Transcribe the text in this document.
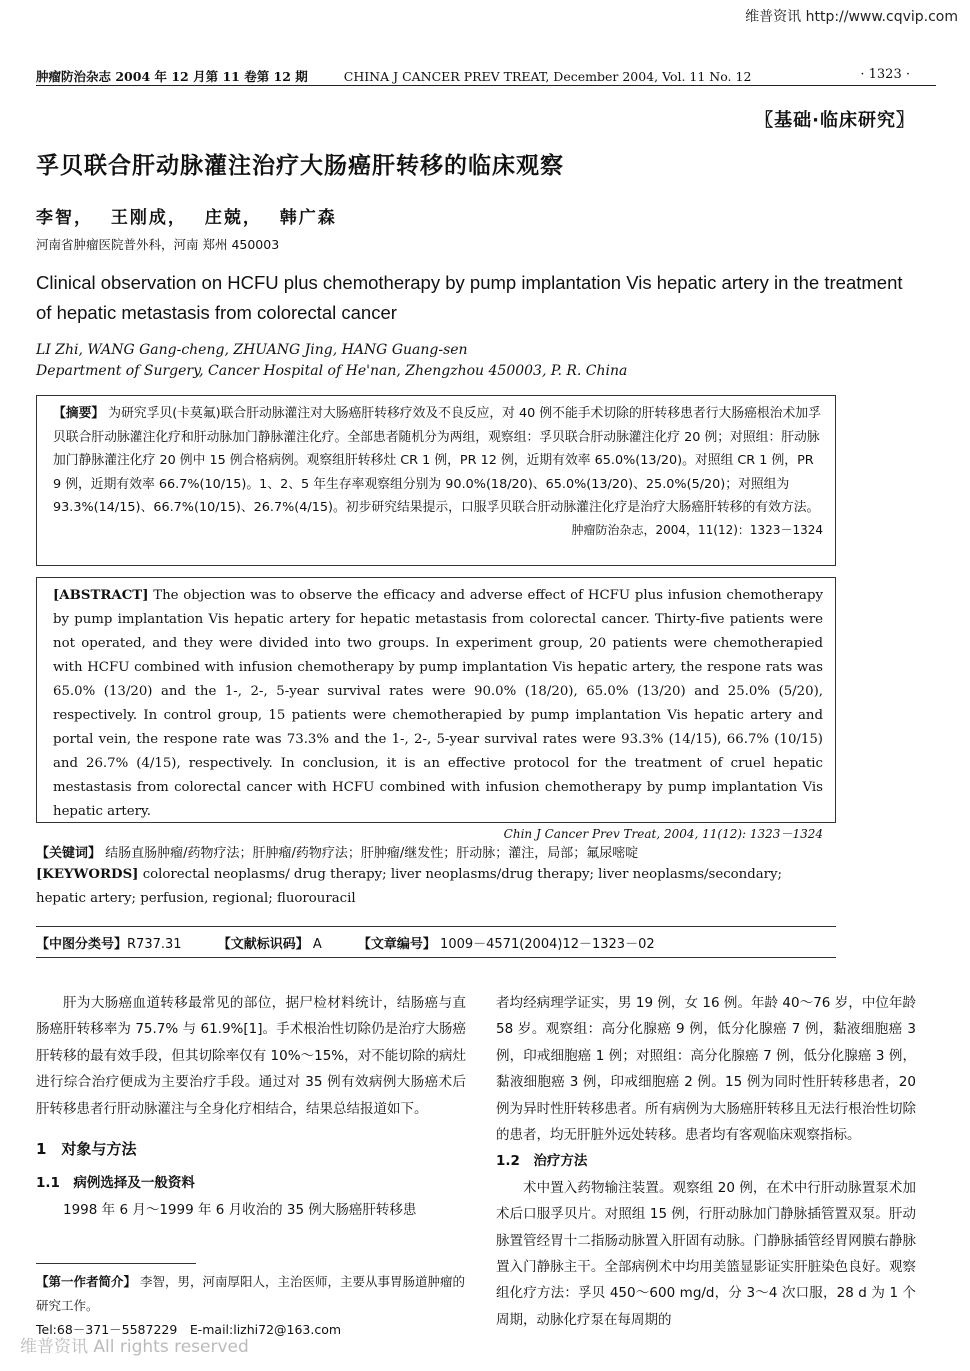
维普资讯 http://www.cqvip.com
肿瘤防治杂志 2004 年 12 月第 11 卷第 12 期	CHINA J CANCER PREV TREAT, December 2004, Vol. 11 No. 12	· 1323 ·
〖基础·临床研究〗
孚贝联合肝动脉灌注治疗大肠癌肝转移的临床观察
李智， 王刚成， 庄兢， 韩广森
河南省肿瘤医院普外科，河南 郑州 450003
Clinical observation on HCFU plus chemotherapy by pump implantation Vis hepatic artery in the treatment of hepatic metastasis from colorectal cancer
LI Zhi, WANG Gang-cheng, ZHUANG Jing, HANG Guang-sen
Department of Surgery, Cancer Hospital of He'nan, Zhengzhou 450003, P. R. China
【摘要】 为研究孚贝(卡莫氟)联合肝动脉灌注对大肠癌肝转移疗效及不良反应，对 40 例不能手术切除的肝转移患者行大肠癌根治术加孚贝联合肝动脉灌注化疗和肝动脉加门静脉灌注化疗。全部患者随机分为两组，观察组：孚贝联合肝动脉灌注化疗 20 例；对照组：肝动脉加门静脉灌注化疗 20 例中 15 例合格病例。观察组肝转移灶 CR 1 例，PR 12 例，近期有效率 65.0%(13/20)。对照组 CR 1 例，PR 9 例，近期有效率 66.7%(10/15)。1、2、5 年生存率观察组分别为 90.0%(18/20)、65.0%(13/20)、25.0%(5/20)；对照组为 93.3%(14/15)、66.7%(10/15)、26.7%(4/15)。初步研究结果提示，口服孚贝联合肝动脉灌注化疗是治疗大肠癌肝转移的有效方法。
肿瘤防治杂志，2004，11(12)：1323－1324
[ABSTRACT] The objection was to observe the efficacy and adverse effect of HCFU plus infusion chemotherapy by pump implantation Vis hepatic artery for hepatic metastasis from colorectal cancer. Thirty-five patients were not operated, and they were divided into two groups. In experiment group, 20 patients were chemotherapied with HCFU combined with infusion chemotherapy by pump implantation Vis hepatic artery, the respone rats was 65.0% (13/20) and the 1-, 2-, 5-year survival rates were 90.0% (18/20), 65.0% (13/20) and 25.0% (5/20), respectively. In control group, 15 patients were chemotherapied by pump implantation Vis hepatic artery and portal vein, the respone rate was 73.3% and the 1-, 2-, 5-year survival rates were 93.3% (14/15), 66.7% (10/15) and 26.7% (4/15), respectively. In conclusion, it is an effective protocol for the treatment of cruel hepatic mestastasis from colorectal cancer with HCFU combined with infusion chemotherapy by pump implantation Vis hepatic artery.
Chin J Cancer Prev Treat, 2004, 11(12): 1323－1324
【关键词】 结肠直肠肿瘤/药物疗法；肝肿瘤/药物疗法；肝肿瘤/继发性；肝动脉；灌注，局部；氟尿嘧啶
[KEYWORDS] colorectal neoplasms/ drug therapy; liver neoplasms/drug therapy; liver neoplasms/secondary; hepatic artery; perfusion, regional; fluorouracil
【中图分类号】R737.31	【文献标识码】 A	【文章编号】 1009－4571(2004)12－1323－02

肝为大肠癌血道转移最常见的部位，据尸检材料统计，结肠癌与直肠癌肝转移率为 75.7% 与 61.9%[1]。手术根治性切除仍是治疗大肠癌肝转移的最有效手段，但其切除率仅有 10%～15%，对不能切除的病灶进行综合治疗便成为主要治疗手段。通过对 35 例有效病例大肠癌术后肝转移患者行肝动脉灌注与全身化疗相结合，结果总结报道如下。

1　对象与方法

1.1　病例选择及一般资料

1998 年 6 月～1999 年 6 月收治的 35 例大肠癌肝转移患

者均经病理学证实，男 19 例，女 16 例。年龄 40～76 岁，中位年龄 58 岁。观察组：高分化腺癌 9 例，低分化腺癌 7 例，黏液细胞癌 3 例，印戒细胞癌 1 例；对照组：高分化腺癌 7 例，低分化腺癌 3 例，黏液细胞癌 3 例，印戒细胞癌 2 例。15 例为同时性肝转移患者，20 例为异时性肝转移患者。所有病例为大肠癌肝转移且无法行根治性切除的患者，均无肝脏外远处转移。患者均有客观临床观察指标。

1.2　治疗方法

术中置入药物输注装置。观察组 20 例，在术中行肝动脉置泵术加术后口服孚贝片。对照组 15 例，行肝动脉加门静脉插管置双泵。肝动脉置管经胃十二指肠动脉置入肝固有动脉。门静脉插管经胃网膜右静脉置入门静脉主干。全部病例术中均用美篮显影证实肝脏染色良好。观察组化疗方法：孚贝 450～600 mg/d，分 3～4 次口服，28 d 为 1 个周期，动脉化疗泵在每周期的

【第一作者简介】 李智，男，河南厚阳人，主治医师，主要从事胃肠道肿瘤的研究工作。
Tel:68－371－5587229　E-mail:lizhi72@163.com
维普资讯 All rights reserved
